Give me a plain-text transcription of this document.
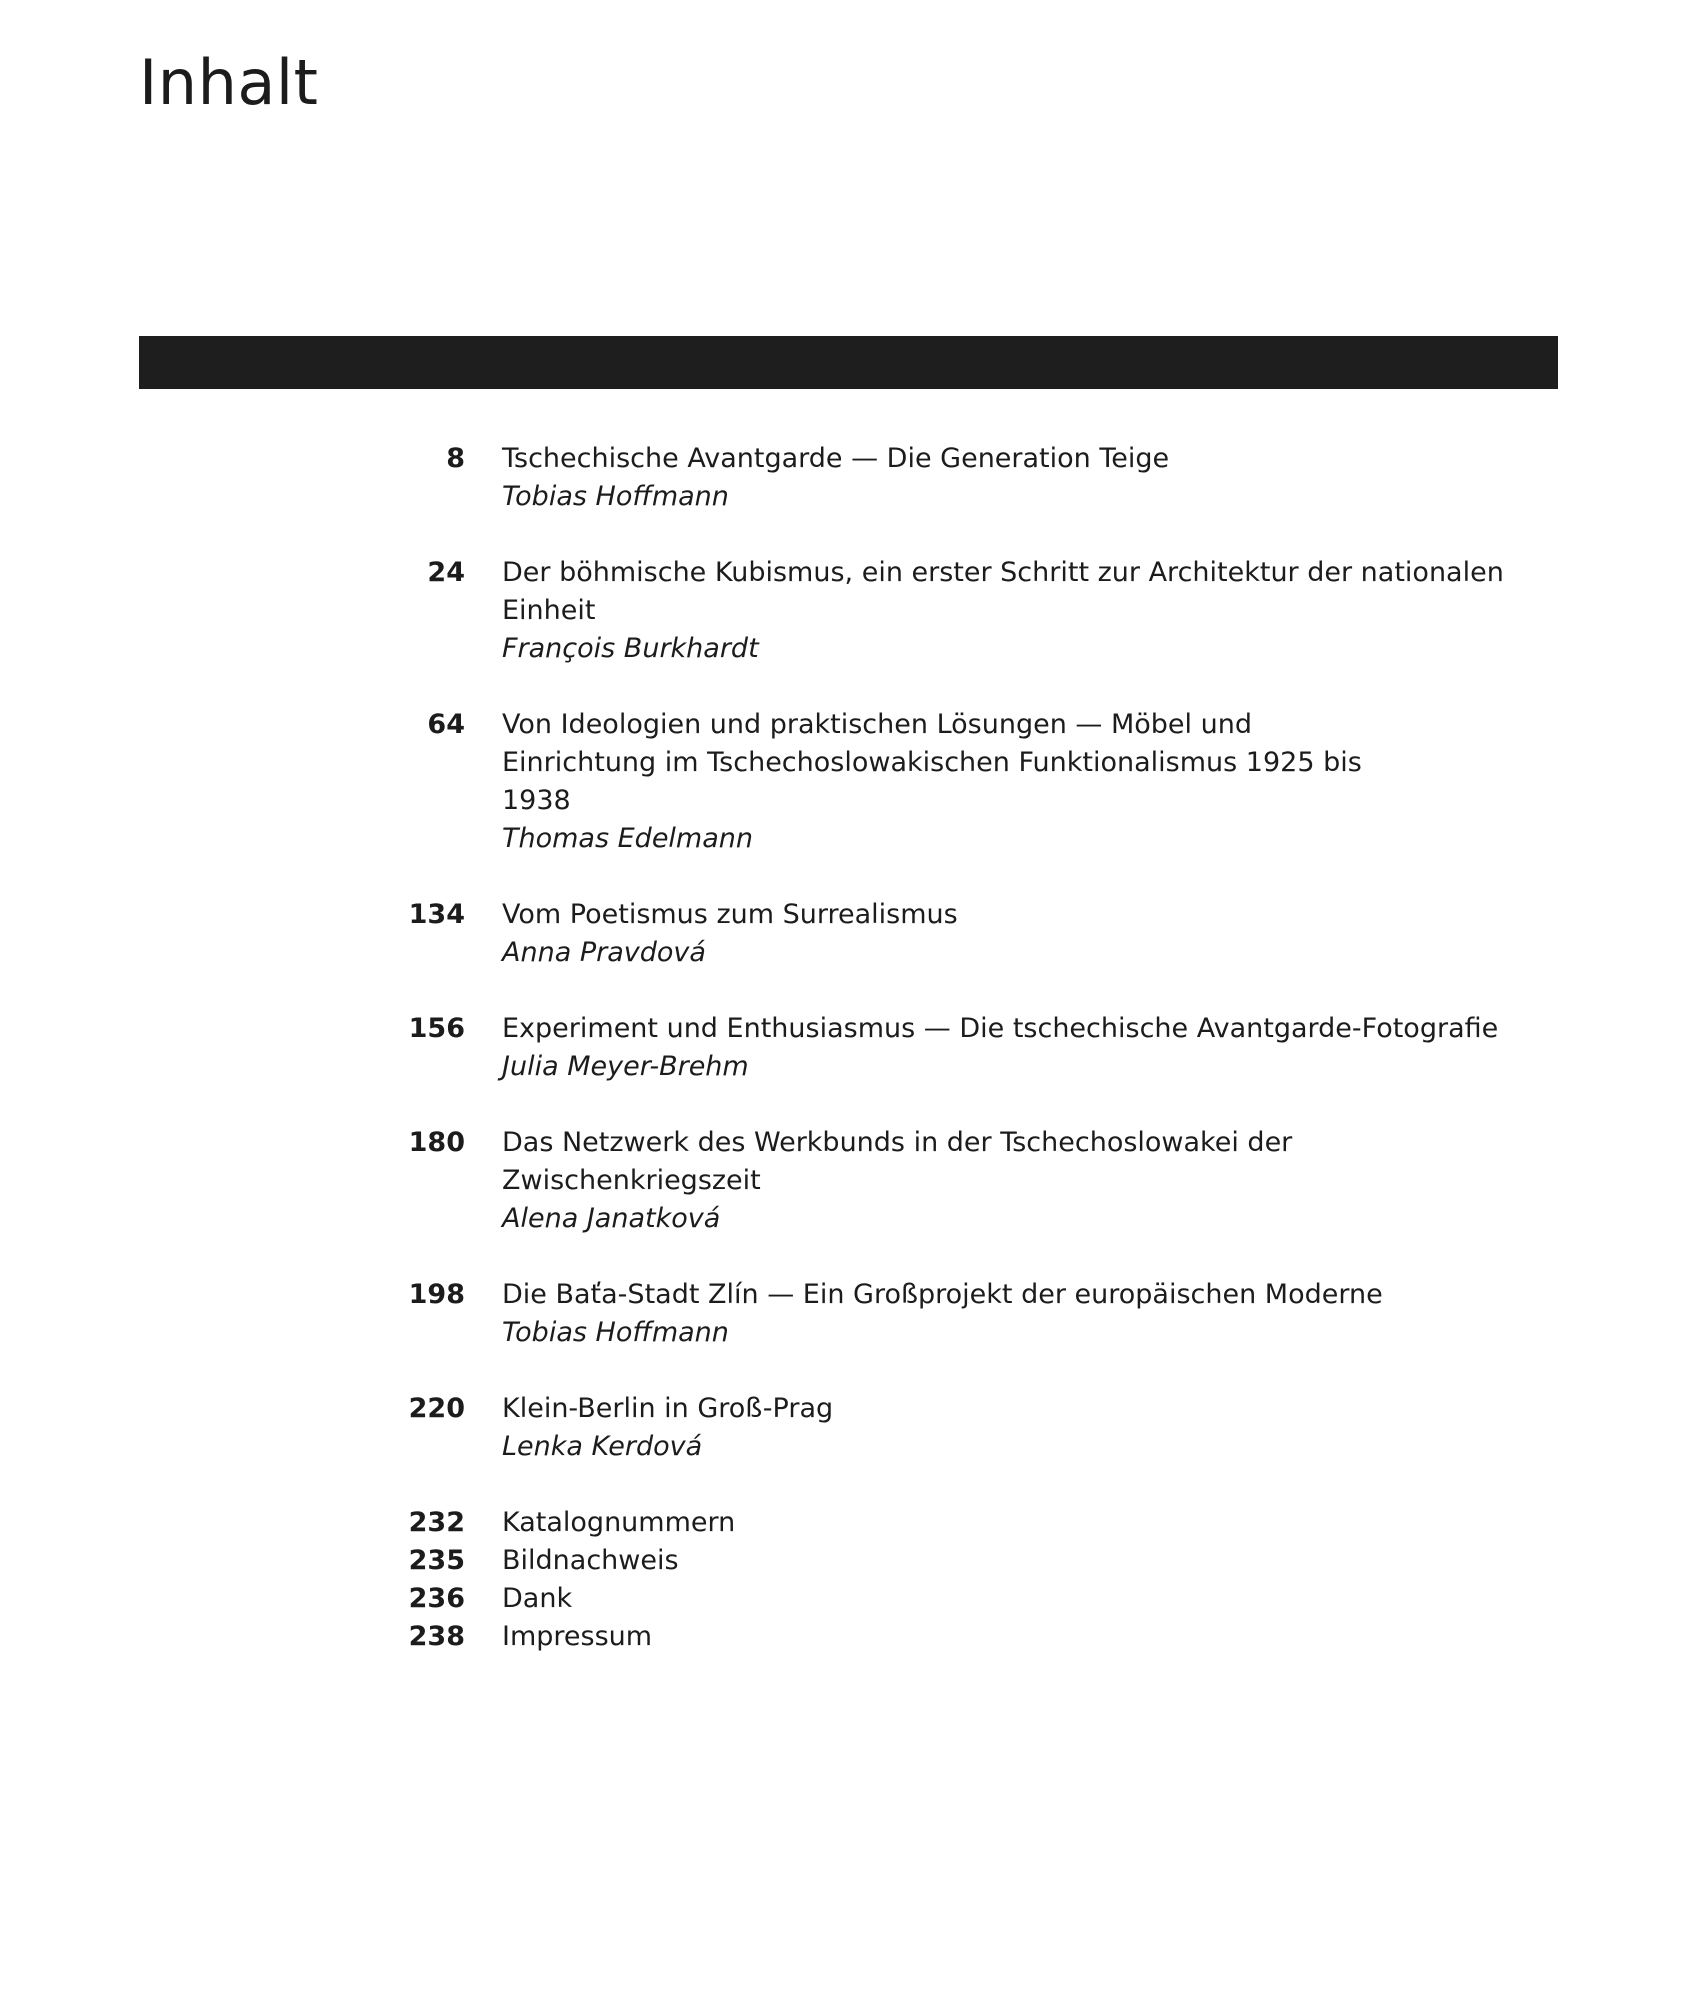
Inhalt
8 Tschechische Avantgarde — Die Generation Teige
Tobias Hoffmann
24 Der böhmische Kubismus, ein erster Schritt zur Architektur der nationalen Einheit
François Burkhardt
64 Von Ideologien und praktischen Lösungen — Möbel und Einrichtung im Tschechoslowakischen Funktionalismus 1925 bis 1938
Thomas Edelmann
134 Vom Poetismus zum Surrealismus
Anna Pravdová
156 Experiment und Enthusiasmus — Die tschechische Avantgarde-Fotografie
Julia Meyer-Brehm
180 Das Netzwerk des Werkbunds in der Tschechoslowakei der Zwischenkriegszeit
Alena Janatková
198 Die Baťa-Stadt Zlín — Ein Großprojekt der europäischen Moderne
Tobias Hoffmann
220 Klein-Berlin in Groß-Prag
Lenka Kerdová
232 Katalognummern
235 Bildnachweis
236 Dank
238 Impressum
